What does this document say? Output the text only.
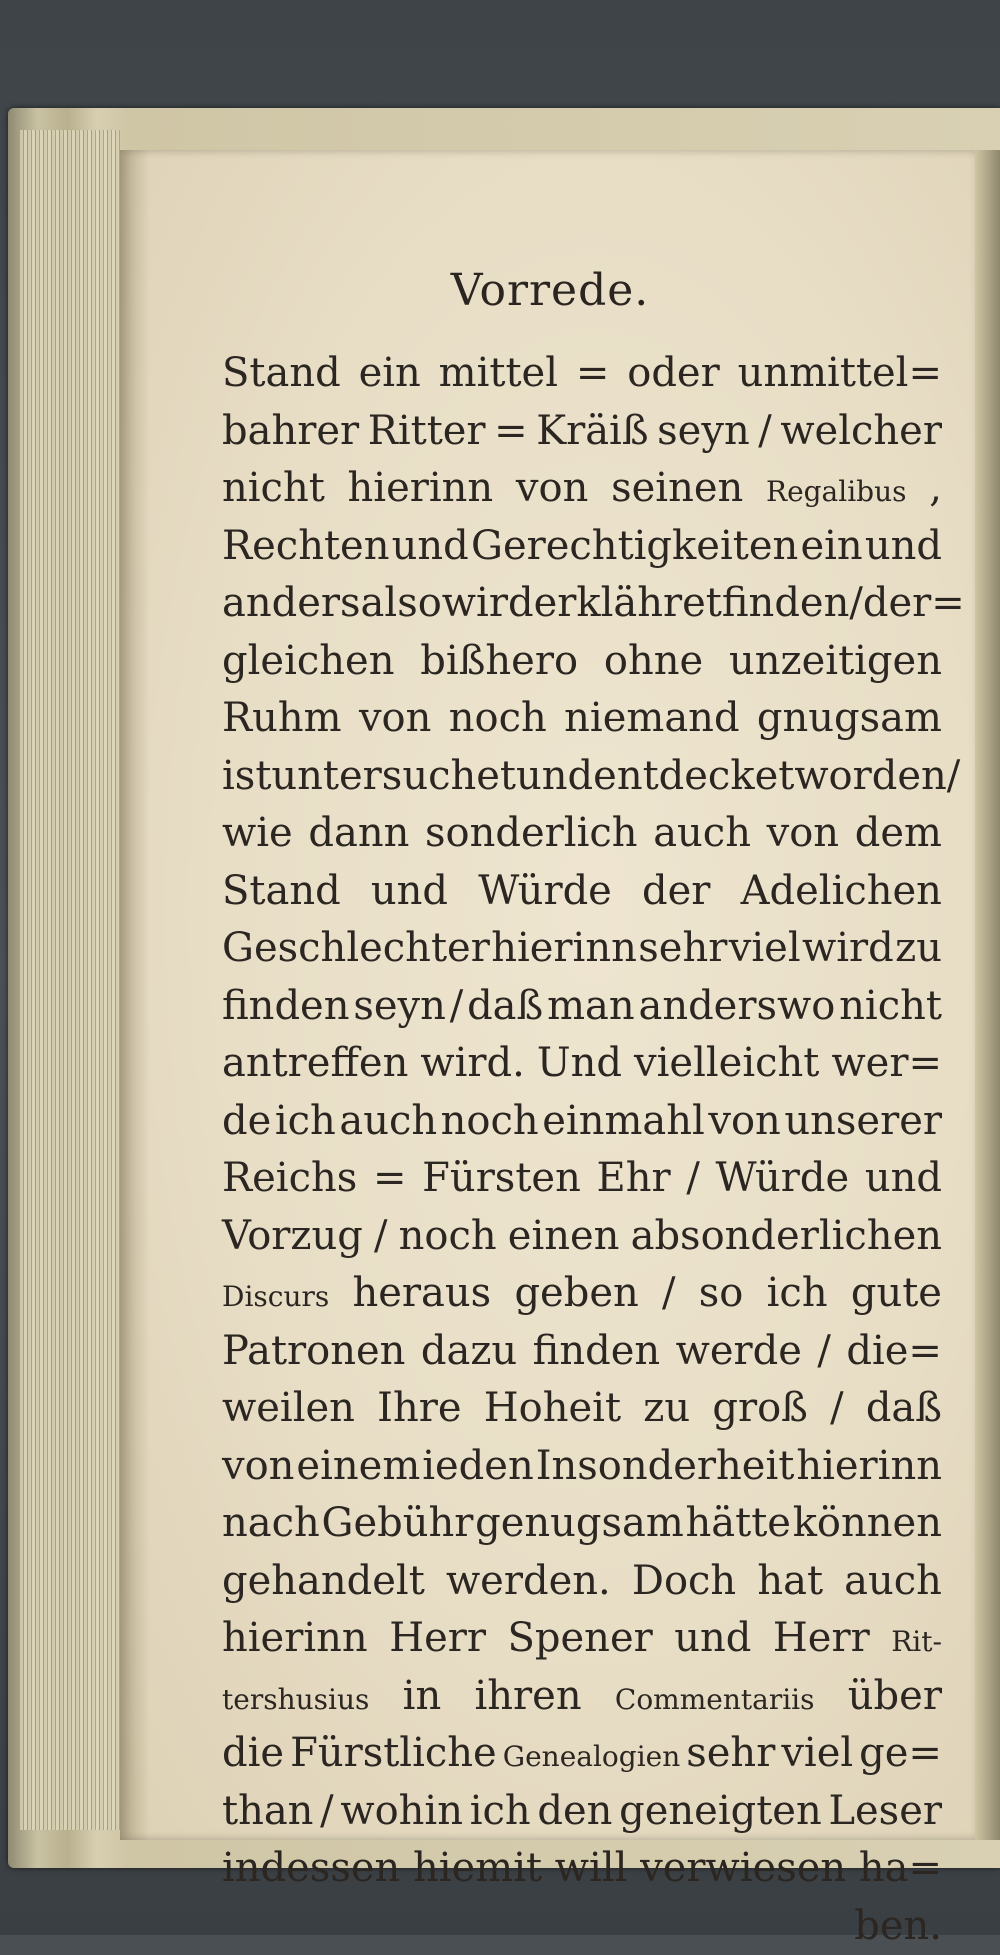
Vorrede.
Stand ein mittel = oder unmittel=
bahrer Ritter = Kräiß seyn / welcher
nicht hierinn von seinen Regalibus ,
Rechten und Gerechtigkeiten ein und
anders also wird erklähret finden / der=
gleichen bißhero ohne unzeitigen
Ruhm von noch niemand gnugsam
ist untersuchet und entdecket worden /
wie dann sonderlich auch von dem
Stand und Würde der Adelichen
Geschlechter hierinn sehr viel wird zu
finden seyn / daß man anderswo nicht
antreffen wird. Und vielleicht wer=
de ich auch noch einmahl von unserer
Reichs = Fürsten Ehr / Würde und
Vorzug / noch einen absonderlichen
Discurs heraus geben / so ich gute
Patronen dazu finden werde / die=
weilen Ihre Hoheit zu groß / daß
von einem ieden Insonderheit hierinn
nach Gebühr genugsam hätte können
gehandelt werden. Doch hat auch
hierinn Herr Spener und Herr Rit-
tershusius in ihren Commentariis über
die Fürstliche Genealogien sehr viel ge=
than / wohin ich den geneigten Leser
indessen hiemit will verwiesen ha=
ben.
